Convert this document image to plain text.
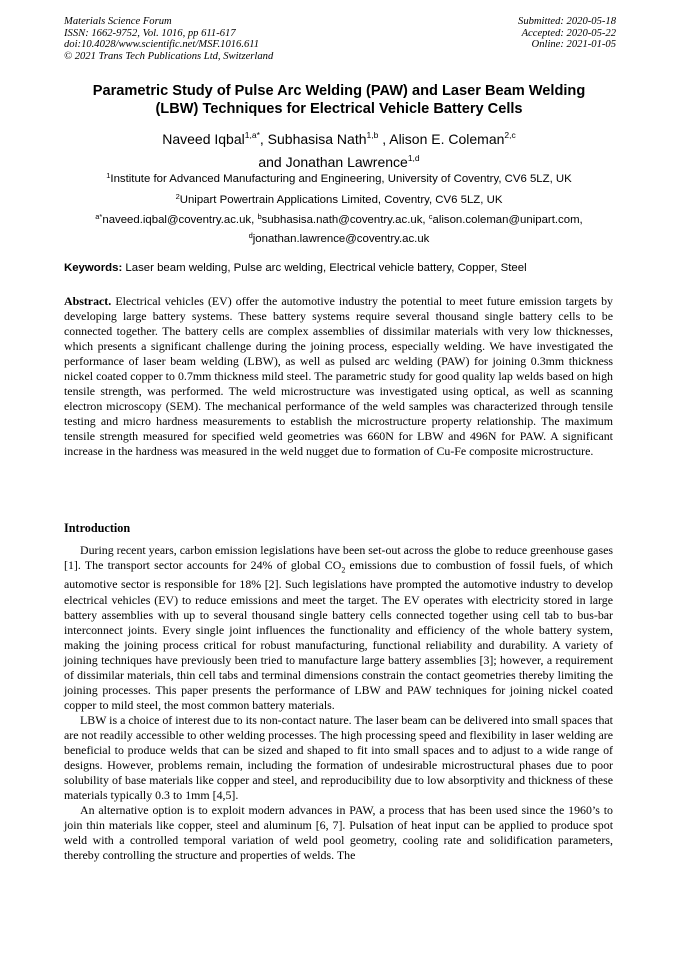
Materials Science Forum
ISSN: 1662-9752, Vol. 1016, pp 611-617
doi:10.4028/www.scientific.net/MSF.1016.611
© 2021 Trans Tech Publications Ltd, Switzerland
Submitted: 2020-05-18
Accepted: 2020-05-22
Online: 2021-01-05
Parametric Study of Pulse Arc Welding (PAW) and Laser Beam Welding
(LBW) Techniques for Electrical Vehicle Battery Cells
Naveed Iqbal$^{1,a*}$, Subhasisa Nath$^{1,b}$ , Alison E. Coleman$^{2,c}$
and Jonathan Lawrence$^{1,d}$
$^1$Institute for Advanced Manufacturing and Engineering, University of Coventry, CV6 5LZ, UK
$^2$Unipart Powertrain Applications Limited, Coventry, CV6 5LZ, UK
$^{a*}$naveed.iqbal@coventry.ac.uk, $^b$subhasisa.nath@coventry.ac.uk, $^c$alison.coleman@unipart.com,
$^d$jonathan.lawrence@coventry.ac.uk
Keywords: Laser beam welding, Pulse arc welding, Electrical vehicle battery, Copper, Steel

Abstract. Electrical vehicles (EV) offer the automotive industry the potential to meet future emission targets by developing large battery systems. These battery systems require several thousand single battery cells to be connected together. The battery cells are complex assemblies of dissimilar materials with very low thicknesses, which presents a significant challenge during the joining process, especially welding. We have investigated the performance of laser beam welding (LBW), as well as pulsed arc welding (PAW) for joining 0.3mm thickness nickel coated copper to 0.7mm thickness mild steel. The parametric study for good quality lap welds based on high tensile strength, was performed. The weld microstructure was investigated using optical, as well as scanning electron microscopy (SEM). The mechanical performance of the weld samples was characterized through tensile testing and micro hardness measurements to establish the microstructure property relationship. The maximum tensile strength measured for specified weld geometries was 660N for LBW and 496N for PAW. A significant increase in the hardness was measured in the weld nugget due to formation of Cu-Fe composite microstructure.

Introduction

During recent years, carbon emission legislations have been set-out across the globe to reduce greenhouse gases [1]. The transport sector accounts for 24% of global $CO_2$ emissions due to combustion of fossil fuels, of which automotive sector is responsible for 18% [2]. Such legislations have prompted the automotive industry to develop electrical vehicles (EV) to reduce emissions and meet the target. The EV operates with electricity stored in large battery assemblies with up to several thousand single battery cells connected together using cell tab to bus-bar interconnect joints. Every single joint influences the functionality and efficiency of the whole battery system, making the joining process critical for robust manufacturing, functional reliability and durability. A variety of joining techniques have previously been tried to manufacture large battery assemblies [3]; however, a requirement of dissimilar materials, thin cell tabs and terminal dimensions constrain the contact geometries thereby limiting the joining processes. This paper presents the performance of LBW and PAW techniques for joining nickel coated copper to mild steel, the most common battery materials.

LBW is a choice of interest due to its non-contact nature. The laser beam can be delivered into small spaces that are not readily accessible to other welding processes. The high processing speed and flexibility in laser welding are beneficial to produce welds that can be sized and shaped to fit into small spaces and to adjust to a wide range of designs. However, problems remain, including the formation of undesirable microstructural phases due to poor solubility of base materials like copper and steel, and reproducibility due to low absorptivity and thickness of these materials typically 0.3 to 1mm [4,5].

An alternative option is to exploit modern advances in PAW, a process that has been used since the 1960’s to join thin materials like copper, steel and aluminum [6, 7]. Pulsation of heat input can be applied to produce spot weld with a controlled temporal variation of weld pool geometry, cooling rate and solidification parameters, thereby controlling the structure and properties of welds. The
